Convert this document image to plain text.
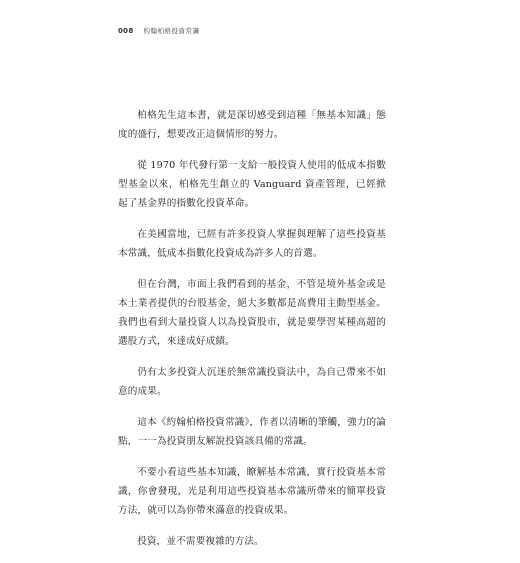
008 約翰柏格投資常識

柏格先生這本書，就是深切感受到這種「無基本知識」態度的盛行，想要改正這個情形的努力。

從 1970 年代發行第一支給一般投資人使用的低成本指數型基金以來，柏格先生創立的 Vanguard 資產管理，已經掀起了基金界的指數化投資革命。

在美國當地，已經有許多投資人掌握與理解了這些投資基本常識，低成本指數化投資成為許多人的首選。

但在台灣，市面上我們看到的基金，不管是境外基金或是本土業者提供的台股基金，絕大多數都是高費用主動型基金。我們也看到大量投資人以為投資股市，就是要學習某種高超的選股方式，來達成好成績。

仍有太多投資人沉迷於無常識投資法中，為自己帶來不如意的成果。

這本《約翰柏格投資常識》，作者以清晰的筆觸，強力的論點，一一為投資朋友解說投資該具備的常識。

不要小看這些基本知識，瞭解基本常識，實行投資基本常識，你會發現，光是利用這些投資基本常識所帶來的簡單投資方法，就可以為你帶來滿意的投資成果。

投資，並不需要複雜的方法。
